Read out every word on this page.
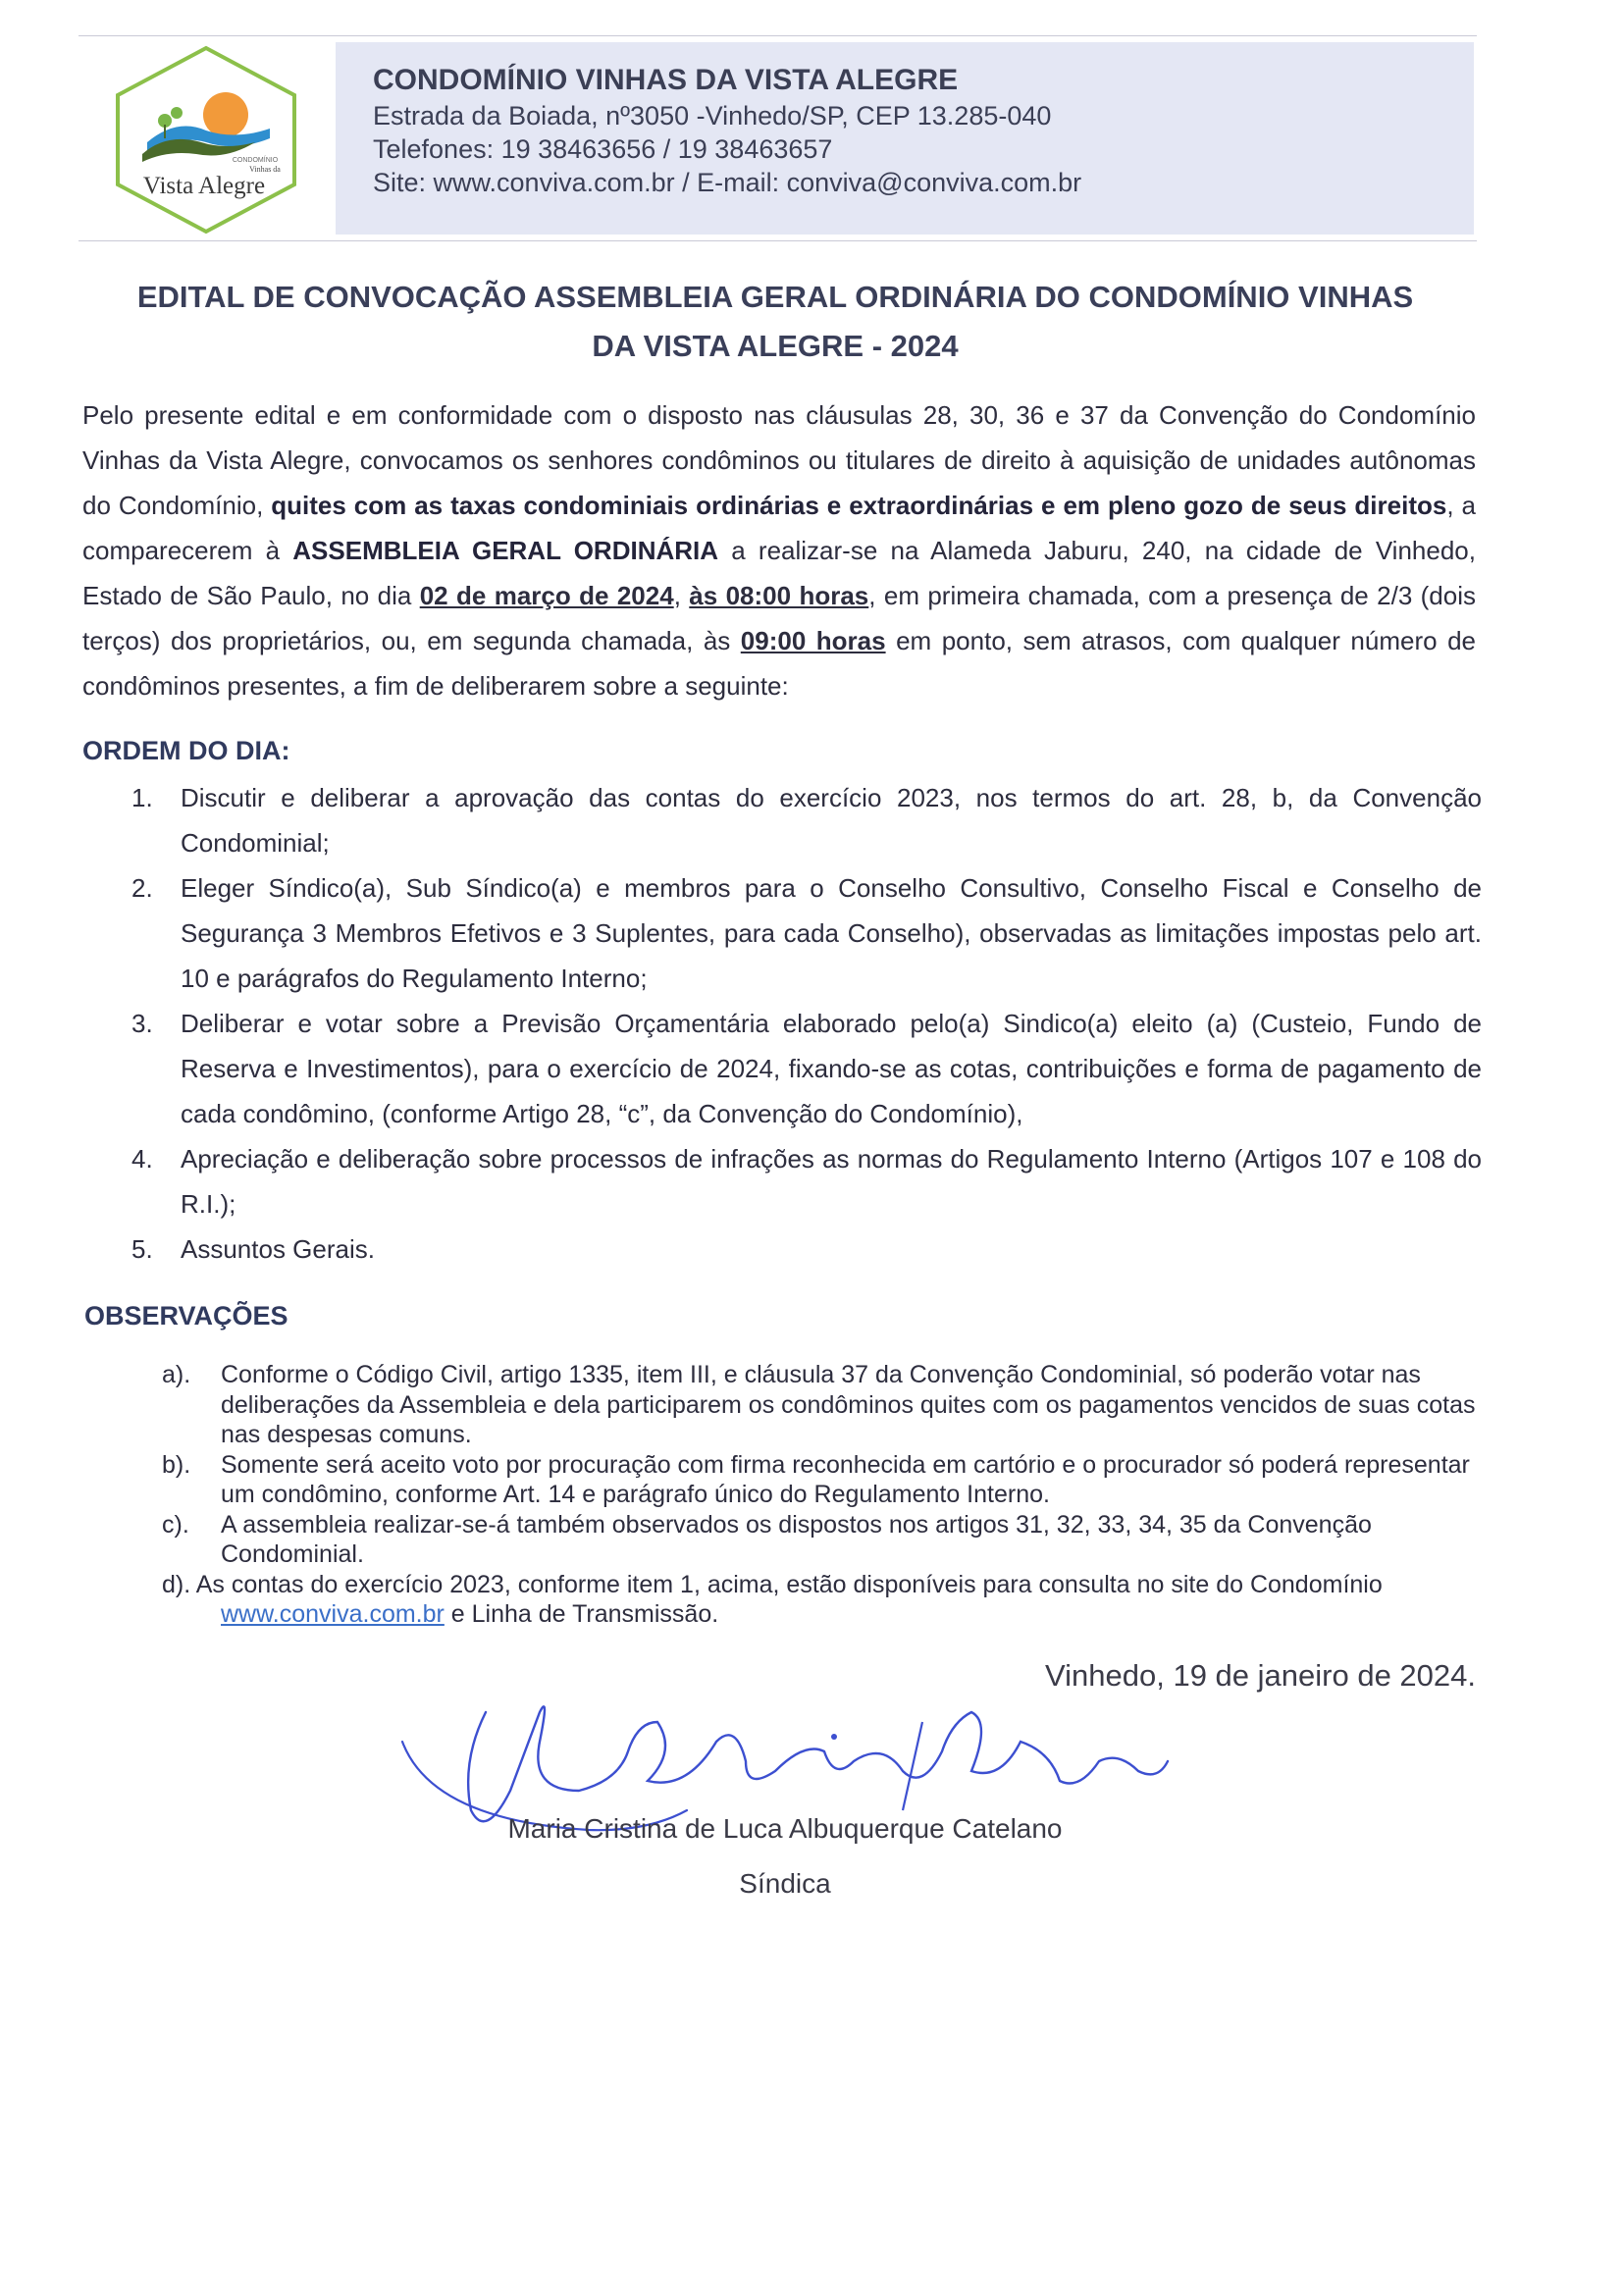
CONDOMÍNIO
Vinhas da
Vista Alegre
CONDOMÍNIO VINHAS DA VISTA ALEGRE
Estrada da Boiada, nº3050 -Vinhedo/SP, CEP 13.285-040
Telefones: 19 38463656 / 19 38463657
Site: www.conviva.com.br / E-mail: conviva@conviva.com.br
EDITAL DE CONVOCAÇÃO ASSEMBLEIA GERAL ORDINÁRIA DO CONDOMÍNIO VINHAS
DA VISTA ALEGRE - 2024
Pelo presente edital e em conformidade com o disposto nas cláusulas 28, 30, 36 e 37 da Convenção do Condomínio Vinhas da Vista Alegre, convocamos os senhores condôminos ou titulares de direito à aquisição de unidades autônomas do Condomínio, quites com as taxas condominiais ordinárias e extraordinárias e em pleno gozo de seus direitos, a comparecerem à ASSEMBLEIA GERAL ORDINÁRIA a realizar-se na Alameda Jaburu, 240, na cidade de Vinhedo, Estado de São Paulo, no dia 02 de março de 2024, às 08:00 horas, em primeira chamada, com a presença de 2/3 (dois terços) dos proprietários, ou, em segunda chamada, às 09:00 horas em ponto, sem atrasos, com qualquer número de condôminos presentes, a fim de deliberarem sobre a seguinte:
ORDEM DO DIA:
1. Discutir e deliberar a aprovação das contas do exercício 2023, nos termos do art. 28, b, da Convenção Condominial;
2. Eleger Síndico(a), Sub Síndico(a) e membros para o Conselho Consultivo, Conselho Fiscal e Conselho de Segurança 3 Membros Efetivos e 3 Suplentes, para cada Conselho), observadas as limitações impostas pelo art. 10 e parágrafos do Regulamento Interno;
3. Deliberar e votar sobre a Previsão Orçamentária elaborado pelo(a) Sindico(a) eleito (a) (Custeio, Fundo de Reserva e Investimentos), para o exercício de 2024, fixando-se as cotas, contribuições e forma de pagamento de cada condômino, (conforme Artigo 28, “c”, da Convenção do Condomínio),
4. Apreciação e deliberação sobre processos de infrações as normas do Regulamento Interno (Artigos 107 e 108 do R.I.);
5. Assuntos Gerais.
OBSERVAÇÕES
a). Conforme o Código Civil, artigo 1335, item III, e cláusula 37 da Convenção Condominial, só poderão votar nas deliberações da Assembleia e dela participarem os condôminos quites com os pagamentos vencidos de suas cotas nas despesas comuns.
b). Somente será aceito voto por procuração com firma reconhecida em cartório e o procurador só poderá representar um condômino, conforme Art. 14 e parágrafo único do Regulamento Interno.
c). A assembleia realizar-se-á também observados os dispostos nos artigos 31, 32, 33, 34, 35 da Convenção Condominial.
d). As contas do exercício 2023, conforme item 1, acima, estão disponíveis para consulta no site do Condomínio
www.conviva.com.br e Linha de Transmissão.
Vinhedo, 19 de janeiro de 2024.
Maria Cristina de Luca Albuquerque Catelano
Síndica
